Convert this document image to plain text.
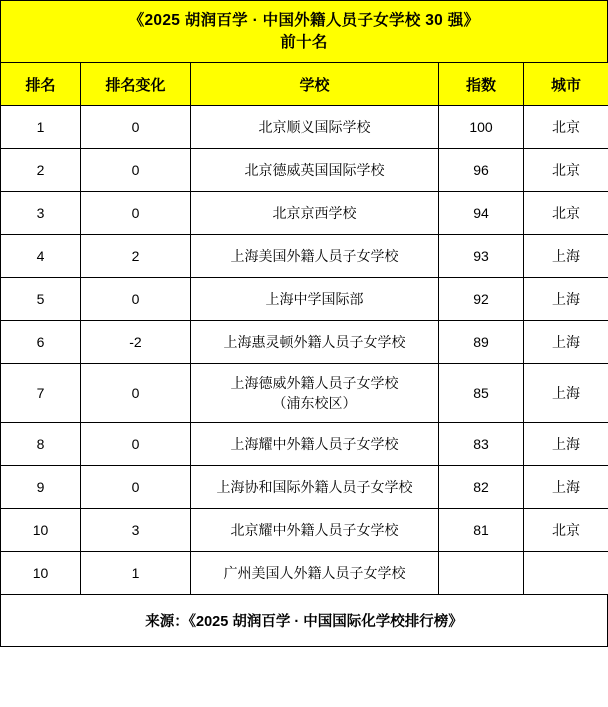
《2025 胡润百学 · 中国外籍人员子女学校 30 强》
前十名
排名	排名变化	学校	指数	城市
1	0	北京顺义国际学校	100	北京
2	0	北京德威英国国际学校	96	北京
3	0	北京京西学校	94	北京
4	2	上海美国外籍人员子女学校	93	上海
5	0	上海中学国际部	92	上海
6	-2	上海惠灵顿外籍人员子女学校	89	上海
7	0	上海德威外籍人员子女学校
（浦东校区）	85	上海
8	0	上海耀中外籍人员子女学校	83	上海
9	0	上海协和国际外籍人员子女学校	82	上海
10	3	北京耀中外籍人员子女学校	81	北京
10	1	广州美国人外籍人员子女学校		
来源：《2025 胡润百学 · 中国国际化学校排行榜》
